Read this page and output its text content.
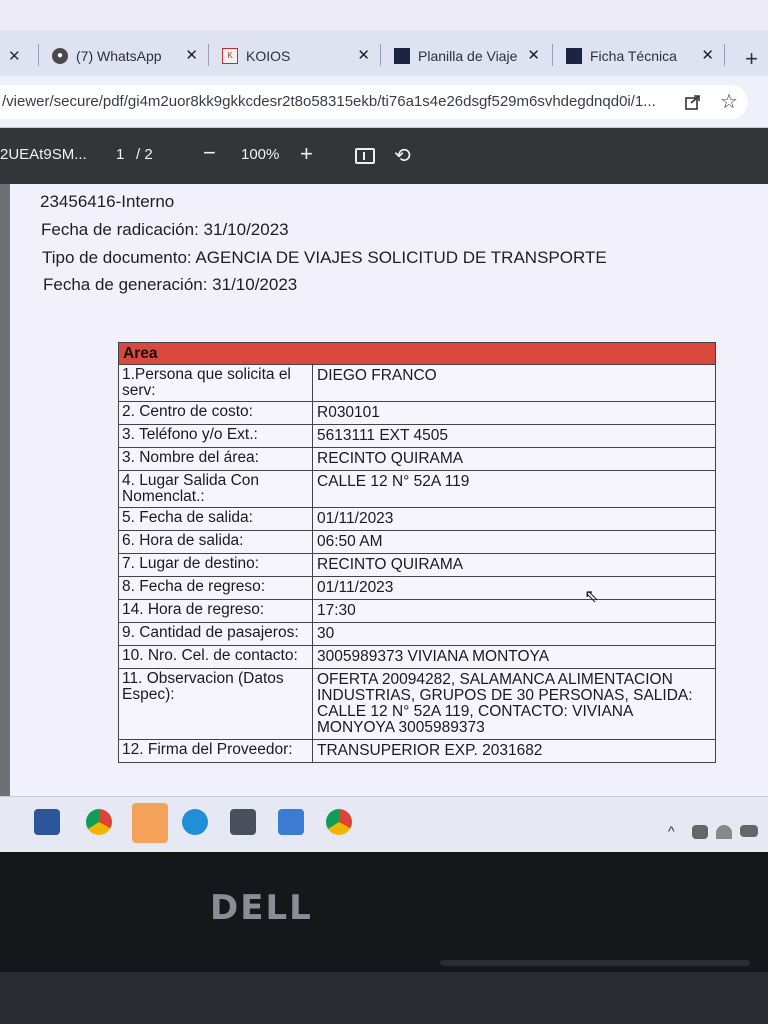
✕	● (7) WhatsApp ✕	K KOIOS	✕	Planilla de Viaje ✕	Ficha Técnica ✕ +
/viewer/secure/pdf/gi4m2uor8kk9gkkcdesr2t8o58315ekb/ti76a1s4e26dsgf529m6svhdegdnqd0i/1...	☆
2UEAt9SM... 1 / 2 − 100% +	⟲
23456416-Interno
Fecha de radicación: 31/10/2023
Tipo de documento: AGENCIA DE VIAJES SOLICITUD DE TRANSPORTE
Fecha de generación: 31/10/2023
Area
1.Persona que solicita el serv:
DIEGO FRANCO
2. Centro de costo:	R030101
3. Teléfono y/o Ext.:	5613111 EXT 4505
3. Nombre del área:	RECINTO QUIRAMA
4. Lugar Salida Con Nomenclat.:
CALLE 12 N° 52A 119
5. Fecha de salida:	01/11/2023
6. Hora de salida:	06:50 AM
7. Lugar de destino:	RECINTO QUIRAMA
8. Fecha de regreso:	01/11/2023
14. Hora de regreso:	17:30
9. Cantidad de pasajeros:	30
10. Nro. Cel. de contacto:	3005989373 VIVIANA MONTOYA
11. Observacion (Datos Espec):
OFERTA 20094282, SALAMANCA ALIMENTACION INDUSTRIAS, GRUPOS DE 30 PERSONAS, SALIDA: CALLE 12 N° 52A 119, CONTACTO: VIVIANA MONYOYA 3005989373
12. Firma del Proveedor:	TRANSUPERIOR EXP. 2031682
⇖
^
DELL
